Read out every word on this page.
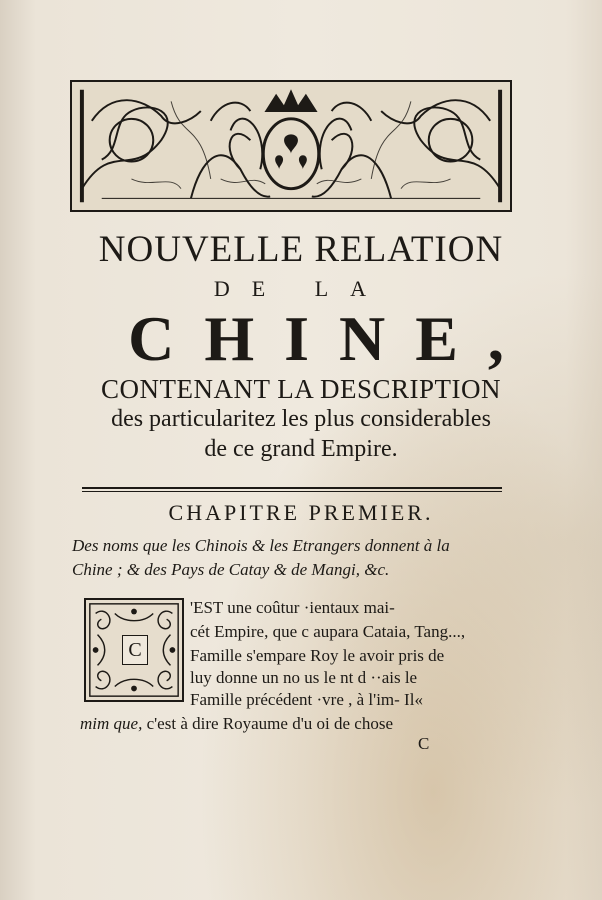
NOUVELLE RELATION
DE LA
CHINE,
CONTENANT LA DESCRIPTION
des particularitez les plus considerables
de ce grand Empire.
CHAPITRE PREMIER.
Des noms que les Chinois & les Etrangers donnent à la
Chine ; & des Pays de Catay & de Mangi, &c.
C
'EST une coûtur ·ientaux mai-
cét Empire, que c aupara Cataia, Tang...,
Famille s'empare Roy le avoir pris de
luy donne un no us le nt d ··ais le
Famille précédent ·vre , à l'im- Il«
mim que, c'est à dire Royaume d'u oi de chose
C
